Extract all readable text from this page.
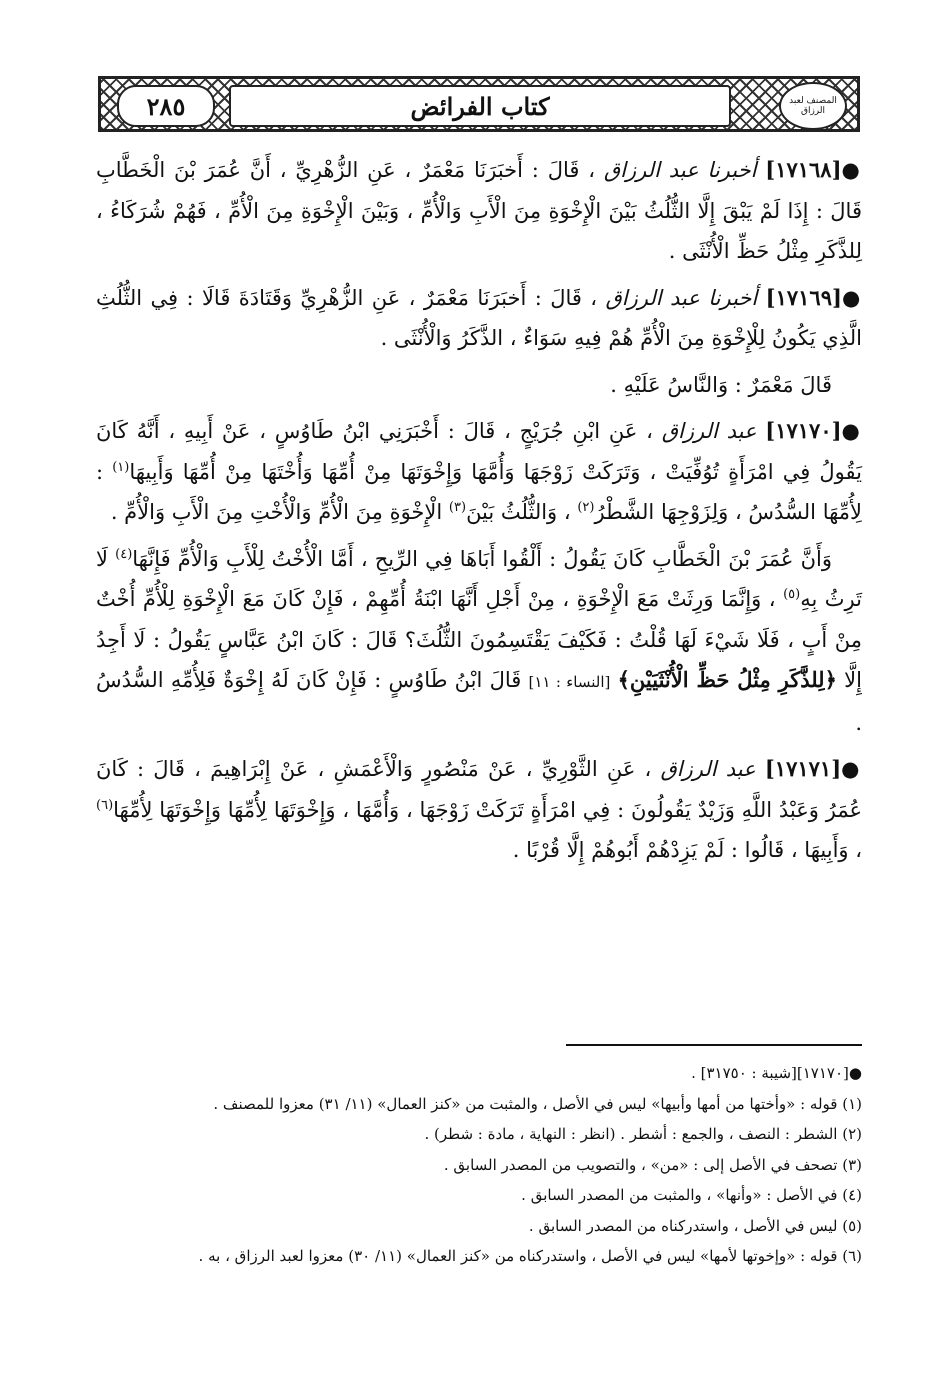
المصنف لعبد الرزاق
كتاب الفرائض
٢٨٥

●[١٧١٦٨] أخبرنا عبد الرزاق ، قَالَ : أَخبَرَنَا مَعْمَرٌ ، عَنِ الزُّهْرِيِّ ، أَنَّ عُمَرَ بْنَ الْخَطَّابِ قَالَ : إِذَا لَمْ يَبْقَ إِلَّا الثُّلُثُ بَيْنَ الْإِخْوَةِ مِنَ الْأَبِ وَالْأُمِّ ، وَبَيْنَ الْإِخْوَةِ مِنَ الْأُمِّ ، فَهُمْ شُرَكَاءُ ، لِلذَّكَرِ مِثْلُ حَظِّ الْأُنْثَى .

●[١٧١٦٩] أخبرنا عبد الرزاق ، قَالَ : أَخبَرَنَا مَعْمَرٌ ، عَنِ الزُّهْرِيِّ وَقَتَادَةَ قَالَا : فِي الثُّلُثِ الَّذِي يَكُونُ لِلْإِخْوَةِ مِنَ الْأُمِّ هُمْ فِيهِ سَوَاءٌ ، الذَّكَرُ وَالْأُنْثَى .

قَالَ مَعْمَرٌ : وَالنَّاسُ عَلَيْهِ .

●[١٧١٧٠] عبد الرزاق ، عَنِ ابْنِ جُرَيْجٍ ، قَالَ : أَخْبَرَنِي ابْنُ طَاوُسٍ ، عَنْ أَبِيهِ ، أَنَّهُ كَانَ يَقُولُ فِي امْرَأَةٍ تُوُفِّيَتْ ، وَتَرَكَتْ زَوْجَهَا وَأُمَّهَا وَإِخْوَتَهَا مِنْ أُمِّهَا وَأُخْتَهَا مِنْ أُمِّهَا وَأَبِيهَا$^{(١)}$ : لِأُمِّهَا السُّدُسُ ، وَلِزَوْجِهَا الشَّطْرُ$^{(٢)}$ ، وَالثُّلُثُ بَيْنَ$^{(٣)}$ الْإِخْوَةِ مِنَ الْأُمِّ وَالْأُخْتِ مِنَ الْأَبِ وَالْأُمِّ .

وَأَنَّ عُمَرَ بْنَ الْخَطَّابِ كَانَ يَقُولُ : أَلْقُوا أَبَاهَا فِي الرِّيحِ ، أَمَّا الْأُخْتُ لِلْأَبِ وَالْأُمِّ فَإِنَّهَا$^{(٤)}$ لَا تَرِثُ بِهِ$^{(٥)}$ ، وَإِنَّمَا وَرِثَتْ مَعَ الْإِخْوَةِ ، مِنْ أَجْلِ أَنَّهَا ابْنَةُ أُمِّهِمْ ، فَإِنْ كَانَ مَعَ الْإِخْوَةِ لِلْأُمِّ أُخْتٌ مِنْ أَبٍ ، فَلَا شَيْءَ لَهَا قُلْتُ : فَكَيْفَ يَقْتَسِمُونَ الثُّلُثَ؟ قَالَ : كَانَ ابْنُ عَبَّاسٍ يَقُولُ : لَا أَجِدُ إِلَّا ﴿لِلذَّكَرِ مِثْلُ حَظِّ الْأُنْثَيَيْنِ﴾ [النساء : ١١] قَالَ ابْنُ طَاوُسٍ : فَإِنْ كَانَ لَهُ إِخْوَةٌ فَلِأُمِّهِ السُّدُسُ .

●[١٧١٧١] عبد الرزاق ، عَنِ الثَّوْرِيِّ ، عَنْ مَنْصُورٍ وَالْأَعْمَشِ ، عَنْ إِبْرَاهِيمَ ، قَالَ : كَانَ عُمَرُ وَعَبْدُ اللَّهِ وَزَيْدٌ يَقُولُونَ : فِي امْرَأَةٍ تَرَكَتْ زَوْجَهَا ، وَأُمَّهَا ، وَإِخْوَتَهَا لِأُمِّهَا وَإِخْوَتَهَا لِأُمِّهَا$^{(٦)}$ ، وَأَبِيهَا ، قَالُوا : لَمْ يَزِدْهُمْ أَبُوهُمْ إِلَّا قُرْبًا .

●[١٧١٧٠][شيبة : ٣١٧٥٠] .

(١) قوله : «وأختها من أمها وأبيها» ليس في الأصل ، والمثبت من «كنز العمال» (١١/ ٣١) معزوا للمصنف .

(٢) الشطر : النصف ، والجمع : أشطر . (انظر : النهاية ، مادة : شطر) .

(٣) تصحف في الأصل إلى : «من» ، والتصويب من المصدر السابق .

(٤) في الأصل : «وأنها» ، والمثبت من المصدر السابق .

(٥) ليس في الأصل ، واستدركناه من المصدر السابق .

(٦) قوله : «وإخوتها لأمها» ليس في الأصل ، واستدركناه من «كنز العمال» (١١/ ٣٠) معزوا لعبد الرزاق ، به .
